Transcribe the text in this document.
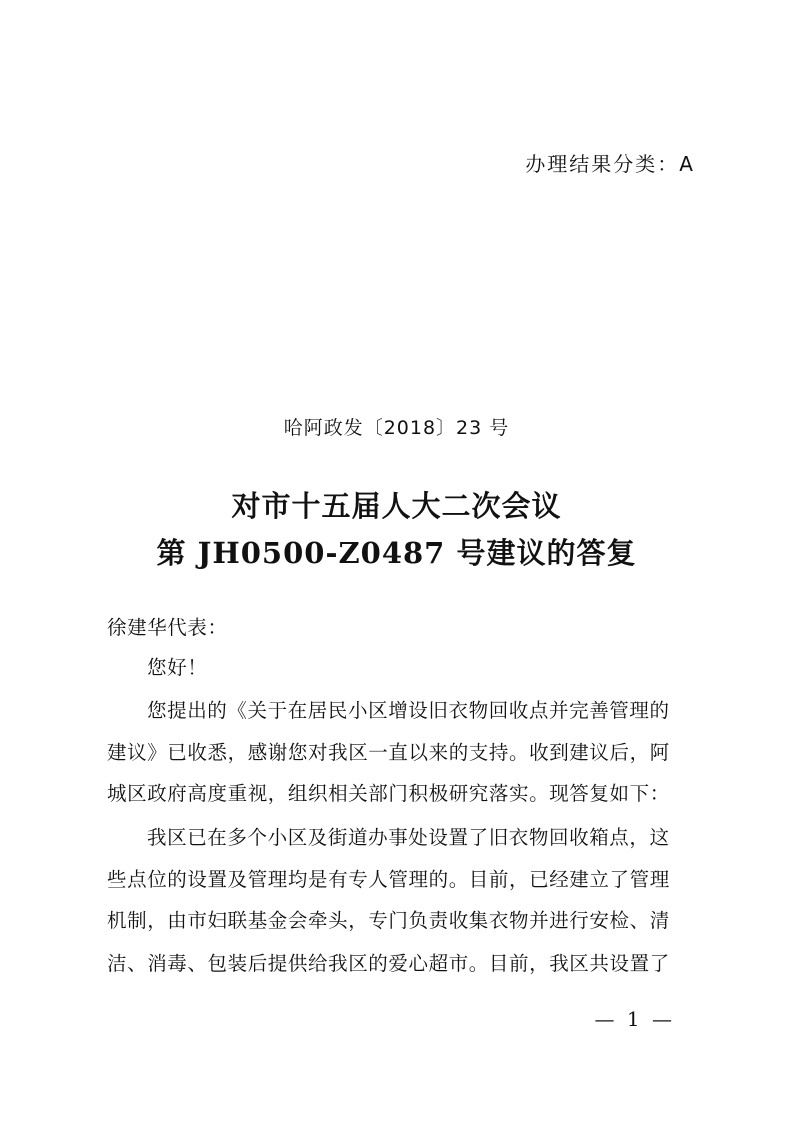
办理结果分类：A
哈阿政发〔2018〕23 号
对市十五届人大二次会议
第 JH0500-Z0487 号建议的答复
徐建华代表：
您好！
您提出的《关于在居民小区增设旧衣物回收点并完善管理的
建议》已收悉，感谢您对我区一直以来的支持。收到建议后，阿
城区政府高度重视，组织相关部门积极研究落实。现答复如下：
我区已在多个小区及街道办事处设置了旧衣物回收箱点，这
些点位的设置及管理均是有专人管理的。目前，已经建立了管理
机制，由市妇联基金会牵头，专门负责收集衣物并进行安检、清
洁、消毒、包装后提供给我区的爱心超市。目前，我区共设置了
— 1 —
